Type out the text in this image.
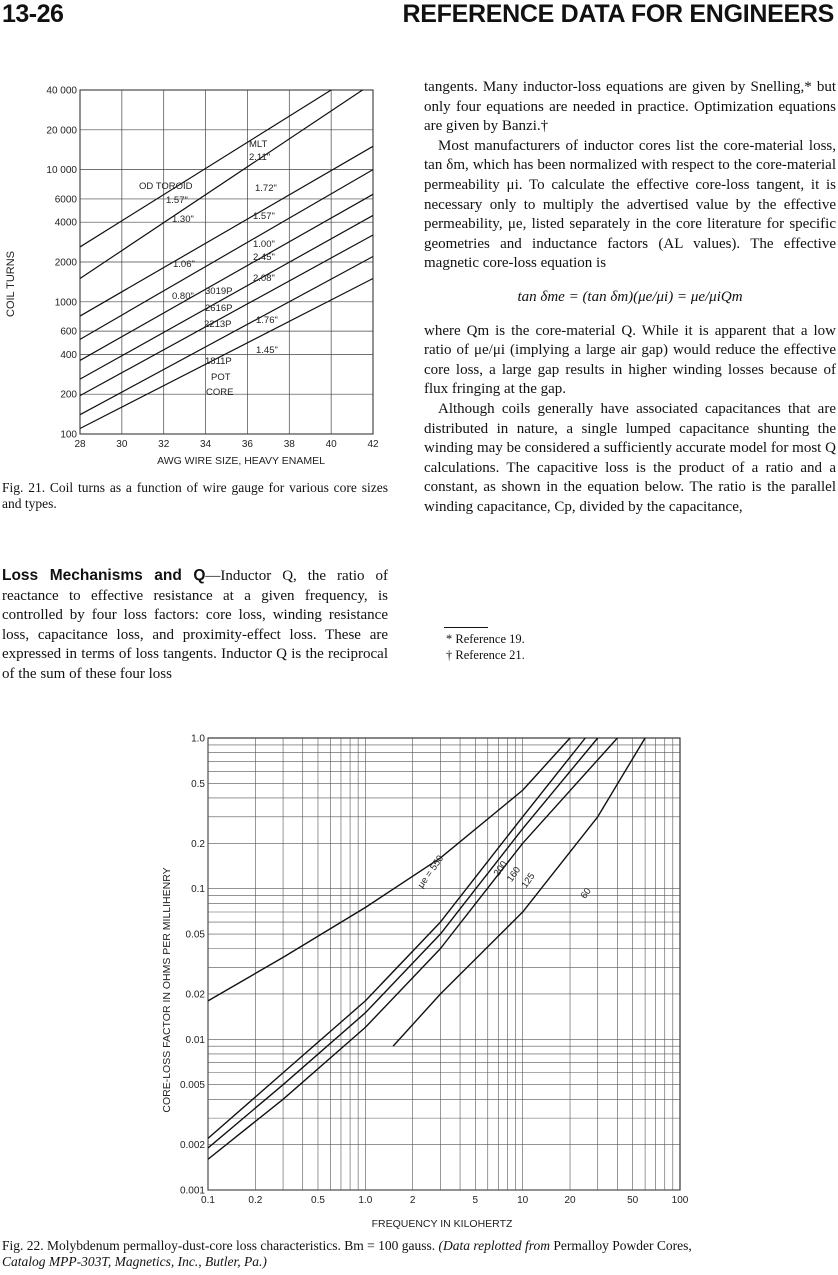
13-26	REFERENCE DATA FOR ENGINEERS
MLT
2.11"
OD TOROID
1.57"
1.72"
1.30"	1.57"
1.00"
2.45"
1.06"
2.08"
0.80" 3019P
2616P
1.76"
2213P
1.45"
1811P
POT
CORE
28	30	32	34	36	38	40	42
100
200
400
600
1000
2000
4000
6000
10 000
20 000
40 000
AWG WIRE SIZE, HEAVY ENAMEL
COIL TURNS
Fig. 21. Coil turns as a function of wire gauge for various core sizes and types.
Loss Mechanisms and Q—Inductor Q, the ratio of reactance to effective resistance at a given frequency, is controlled by four loss factors: core loss, winding resistance loss, capacitance loss, and proximity-effect loss. These are expressed in terms of loss tangents. Inductor Q is the reciprocal of the sum of these four loss

tangents. Many inductor-loss equations are given by Snelling,* but only four equations are needed in practice. Optimization equations are given by Banzi.†

Most manufacturers of inductor cores list the core-material loss, tan δm, which has been normalized with respect to the core-material permeability μi. To calculate the effective core-loss tangent, it is necessary only to multiply the advertised value by the effective permeability, μe, listed separately in the core literature for specific geometries and inductance factors (AL values). The effective magnetic core-loss equation is

tan δme = (tan δm)(μe/μi) = μe/μiQm

where Qm is the core-material Q. While it is apparent that a low ratio of μe/μi (implying a large air gap) would reduce the effective core loss, a large gap results in higher winding losses because of flux fringing at the gap.

Although coils generally have associated capacitances that are distributed in nature, a single lumped capacitance shunting the winding may be considered a sufficiently accurate model for most Q calculations. The capacitive loss is the product of a ratio and a constant, as shown in the equation below. The ratio is the parallel winding capacitance, Cp, divided by the capacitance,

* Reference 19.
† Reference 21.
0.1	0.2	0.5	1.0	2	5	10	20	50	100
0.001
0.002
0.005
0.01
0.02
0.05
0.1
0.2
0.5
1.0
μe = 550	200
160
125
60
FREQUENCY IN KILOHERTZ
CORE-LOSS FACTOR IN OHMS PER MILLIHENRY
Fig. 22. Molybdenum permalloy-dust-core loss characteristics. Bm = 100 gauss. (Data replotted from Permalloy Powder Cores,
Catalog MPP-303T, Magnetics, Inc., Butler, Pa.)
